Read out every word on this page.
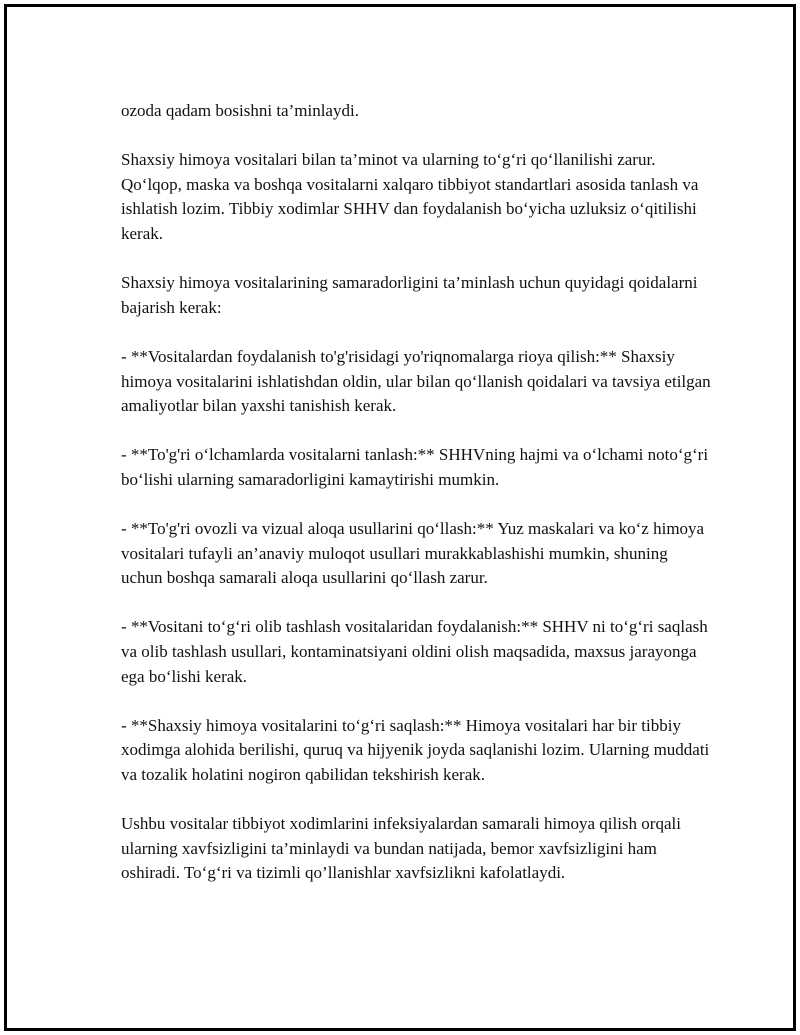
ozoda qadam bosishni ta’minlaydi.

Shaxsiy himoya vositalari bilan ta’minot va ularning to‘g‘ri qo‘llanilishi zarur. Qo‘lqop, maska va boshqa vositalarni xalqaro tibbiyot standartlari asosida tanlash va ishlatish lozim. Tibbiy xodimlar SHHV dan foydalanish bo‘yicha uzluksiz o‘qitilishi kerak.

Shaxsiy himoya vositalarining samaradorligini ta’minlash uchun quyidagi qoidalarni bajarish kerak:

- **Vositalardan foydalanish to'g'risidagi yo'riqnomalarga rioya qilish:** Shaxsiy himoya vositalarini ishlatishdan oldin, ular bilan qo‘llanish qoidalari va tavsiya etilgan amaliyotlar bilan yaxshi tanishish kerak.

- **To'g'ri o‘lchamlarda vositalarni tanlash:** SHHVning hajmi va o‘lchami noto‘g‘ri bo‘lishi ularning samaradorligini kamaytirishi mumkin.

- **To'g'ri ovozli va vizual aloqa usullarini qo‘llash:** Yuz maskalari va ko‘z himoya vositalari tufayli an’anaviy muloqot usullari murakkablashishi mumkin, shuning uchun boshqa samarali aloqa usullarini qo‘llash zarur.

- **Vositani to‘g‘ri olib tashlash vositalaridan foydalanish:** SHHV ni to‘g‘ri saqlash va olib tashlash usullari, kontaminatsiyani oldini olish maqsadida, maxsus jarayonga ega bo‘lishi kerak.

- **Shaxsiy himoya vositalarini to‘g‘ri saqlash:** Himoya vositalari har bir tibbiy xodimga alohida berilishi, quruq va hijyenik joyda saqlanishi lozim. Ularning muddati va tozalik holatini nogiron qabilidan tekshirish kerak.

Ushbu vositalar tibbiyot xodimlarini infeksiyalardan samarali himoya qilish orqali ularning xavfsizligini ta’minlaydi va bundan natijada, bemor xavfsizligini ham oshiradi. To‘g‘ri va tizimli qo’llanishlar xavfsizlikni kafolatlaydi.
